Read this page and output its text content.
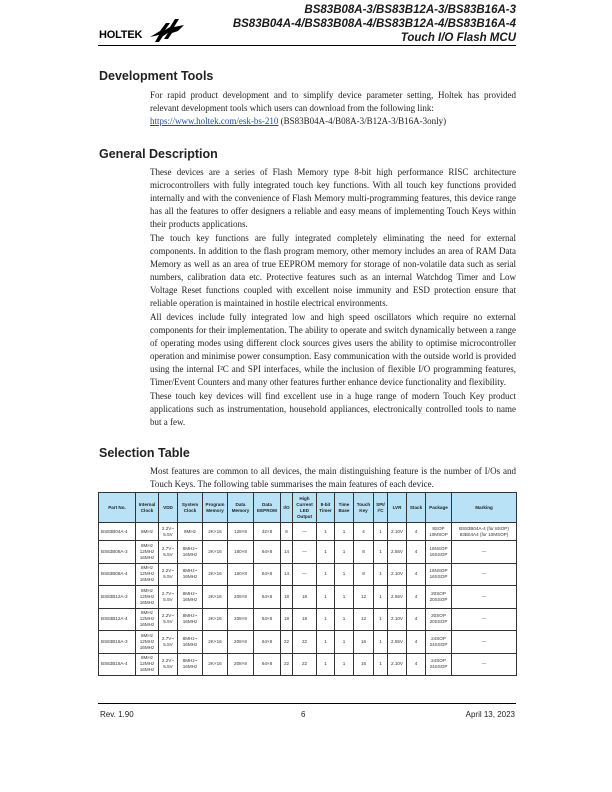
HOLTEK
BS83B08A-3/BS83B12A-3/BS83B16A-3
BS83B04A-4/BS83B08A-4/BS83B12A-4/BS83B16A-4
Touch I/O Flash MCU
Development Tools
For rapid product development and to simplify device parameter setting, Holtek has provided relevant development tools which users can download from the following link:
https://www.holtek.com/esk-bs-210 (BS83B04A-4/B08A-3/B12A-3/B16A-3only)
General Description
These devices are a series of Flash Memory type 8-bit high performance RISC architecture microcontrollers with fully integrated touch key functions. With all touch key functions provided internally and with the convenience of Flash Memory multi-programming features, this device range has all the features to offer designers a reliable and easy means of implementing Touch Keys within their products applications.
The touch key functions are fully integrated completely eliminating the need for external components. In addition to the flash program memory, other memory includes an area of RAM Data Memory as well as an area of true EEPROM memory for storage of non-volatile data such as serial numbers, calibration data etc. Protective features such as an internal Watchdog Timer and Low Voltage Reset functions coupled with excellent noise immunity and ESD protection ensure that reliable operation is maintained in hostile electrical environments.
All devices include fully integrated low and high speed oscillators which require no external components for their implementation. The ability to operate and switch dynamically between a range of operating modes using different clock sources gives users the ability to optimise microcontroller operation and minimise power consumption. Easy communication with the outside world is provided using the internal I²C and SPI interfaces, while the inclusion of flexible I/O programming features, Timer/Event Counters and many other features further enhance device functionality and flexibility.
These touch key devices will find excellent use in a huge range of modern Touch Key product applications such as instrumentation, household appliances, electronically controlled tools to name but a few.
Selection Table
Most features are common to all devices, the main distinguishing feature is the number of I/Os and Touch Keys. The following table summarises the main features of each device.
Part No.	Internal Clock	VDD	System Clock	Program Memory	Data Memory	Data EEPROM	I/O	High Current LED Output	8-bit Timer	Time Base	Touch Key	SPI/ I²C	LVR	Stack	Package	Marking
BS83B04A-4	8MHz	2.2V~ 5.5V	8MHz	2K×16	128×8	32×8	8	—	1	1	4	1	2.10V	4	8SOP 10MSOP	BS83B04A-4 (for 8SOP) 83B04A4 (for 10MSOP)
BS83B08A-3	8MHz 12MHz 16MHz	2.7V~ 5.5V	8MHz~ 16MHz	2K×16	160×8	64×8	14	—	1	1	8	1	2.55V	4	16NSOP 16SSOP	—
BS83B08A-4	8MHz 12MHz 16MHz	2.2V~ 5.5V	8MHz~ 16MHz	2K×16	160×8	64×8	14	—	1	1	8	1	2.10V	4	16NSOP 16SSOP	—
BS83B12A-3	8MHz 12MHz 16MHz	2.7V~ 5.5V	8MHz~ 16MHz	2K×16	208×8	64×8	18	18	1	1	12	1	2.55V	4	20SOP 20SSOP	—
BS83B12A-4	8MHz 12MHz 16MHz	2.2V~ 5.5V	8MHz~ 16MHz	2K×16	208×8	64×8	18	18	1	1	12	1	2.10V	4	20SOP 20SSOP	—
BS83B16A-3	8MHz 12MHz 16MHz	2.7V~ 5.5V	8MHz~ 16MHz	2K×16	208×8	64×8	22	22	1	1	16	1	2.55V	4	24SOP 24SSOP	—
BS83B16A-4	8MHz 12MHz 16MHz	2.2V~ 5.5V	8MHz~ 16MHz	2K×16	208×8	64×8	22	22	1	1	16	1	2.10V	4	24SOP 24SSOP	—
Rev. 1.90	6	April 13, 2023
